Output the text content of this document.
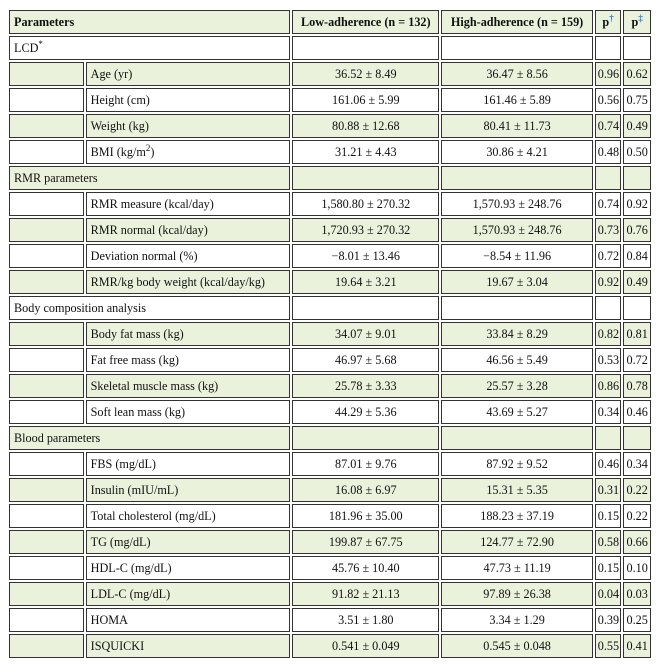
Parameters		Low-adherence (n = 132)	High-adherence (n = 159)	p†	p‡
LCD*				
	Age (yr)	36.52 ± 8.49	36.47 ± 8.56	0.96	0.62
	Height (cm)	161.06 ± 5.99	161.46 ± 5.89	0.56	0.75
	Weight (kg)	80.88 ± 12.68	80.41 ± 11.73	0.74	0.49
	BMI $(kg/m^2)$	31.21 ± 4.43	30.86 ± 4.21	0.48	0.50
RMR parameters					
	RMR measure (kcal/day)	1,580.80 ± 270.32	1,570.93 ± 248.76	0.74	0.92
	RMR normal (kcal/day)	1,720.93 ± 270.32	1,570.93 ± 248.76	0.73	0.76
	Deviation normal (%)	−8.01 ± 13.46	−8.54 ± 11.96	0.72	0.84
	RMR/kg body weight (kcal/day/kg)	19.64 ± 3.21	19.67 ± 3.04	0.92	0.49
Body composition analysis					
	Body fat mass (kg)	34.07 ± 9.01	33.84 ± 8.29	0.82	0.81
	Fat free mass (kg)	46.97 ± 5.68	46.56 ± 5.49	0.53	0.72
	Skeletal muscle mass (kg)	25.78 ± 3.33	25.57 ± 3.28	0.86	0.78
	Soft lean mass (kg)	44.29 ± 5.36	43.69 ± 5.27	0.34	0.46
Blood parameters					
	FBS (mg/dL)	87.01 ± 9.76	87.92 ± 9.52	0.46	0.34
	Insulin (mIU/mL)	16.08 ± 6.97	15.31 ± 5.35	0.31	0.22
	Total cholesterol (mg/dL)	181.96 ± 35.00	188.23 ± 37.19	0.15	0.22
	TG (mg/dL)	199.87 ± 67.75	124.77 ± 72.90	0.58	0.66
	HDL-C (mg/dL)	45.76 ± 10.40	47.73 ± 11.19	0.15	0.10
	LDL-C (mg/dL)	91.82 ± 21.13	97.89 ± 26.38	0.04	0.03
	HOMA	3.51 ± 1.80	3.34 ± 1.29	0.39	0.25
	ISQUICKI	0.541 ± 0.049	0.545 ± 0.048	0.55	0.41
